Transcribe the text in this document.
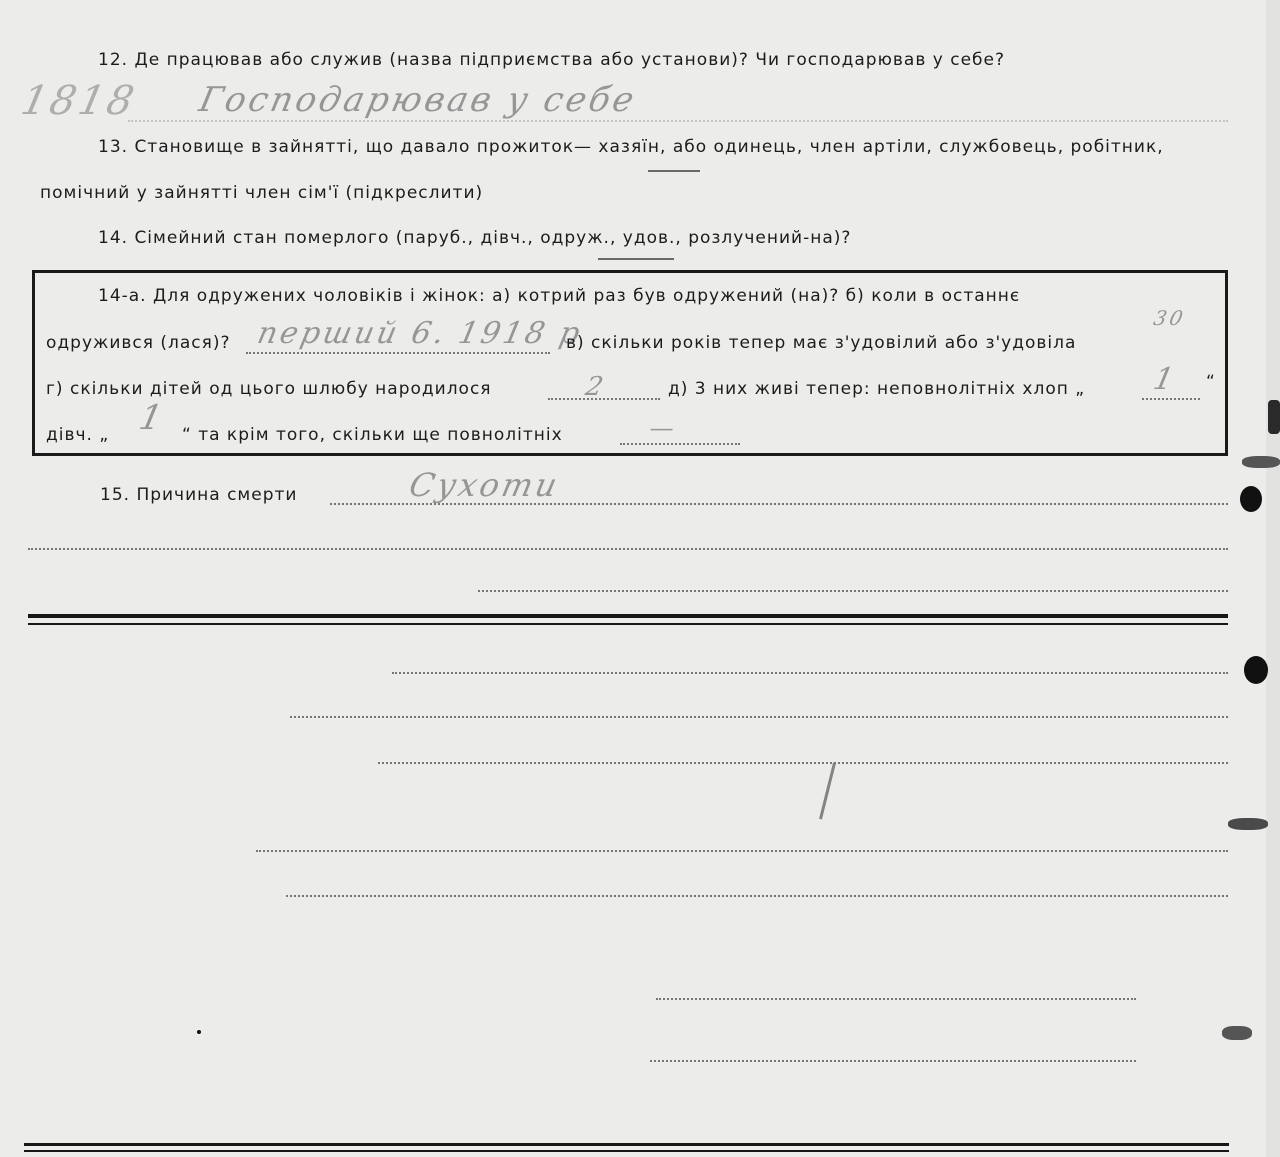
12. Де працював або служив (назва підприємства або установи)? Чи господарював у себе?
1818 Господарював у себе
13. Становище в зайнятті, що давало прожиток— хазяїн, або одинець, член артіли, службовець, робітник,
помічний у зайнятті член сім'ї (підкреслити)
14. Сімейний стан померлого (паруб., дівч., одруж., удов., розлучений-на)?
14-а. Для одружених чоловіків і жінок: а) котрий раз був одружений (на)? б) коли в останнє
одружився (лася)? перший 6. 1918 р
в) скільки років тепер має з'удовілий або з'удовіла
30
г) скільки дітей од цього шлюбу народилося	2	д) 3 них живі тепер: неповнолітніх хлоп „ 1 “
дівч. „ 1 “ та крім того, скільки ще повнолітніх	—
15. Причина смерти	Сухоти
